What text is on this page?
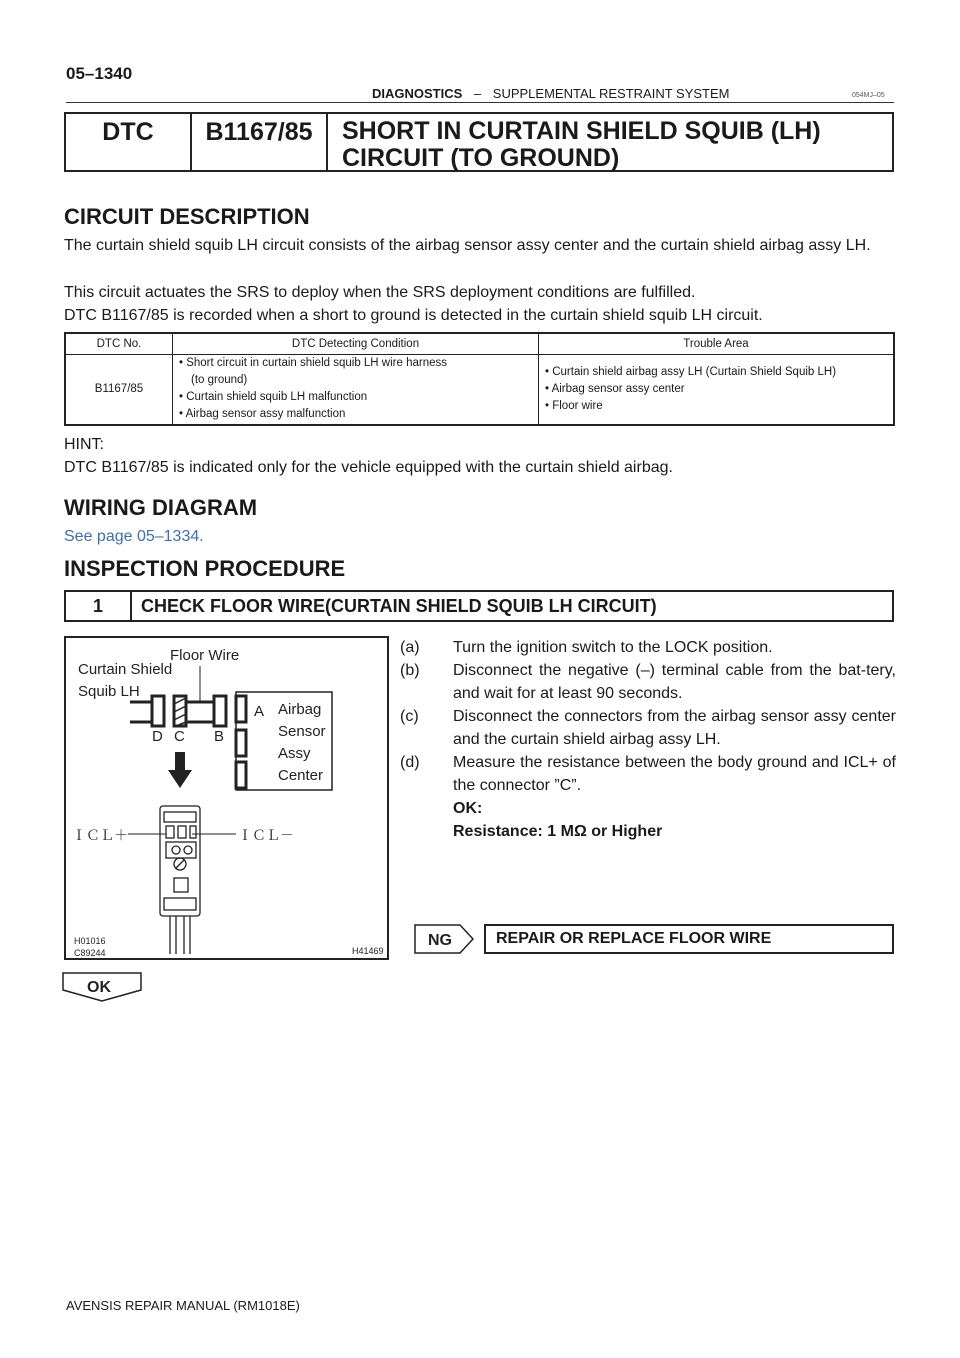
05–1340
DIAGNOSTICS – SUPPLEMENTAL RESTRAINT SYSTEM	054MJ–05
DTC	B1167/85	SHORT IN CURTAIN SHIELD SQUIB (LH)
CIRCUIT (TO GROUND)
CIRCUIT DESCRIPTION
The curtain shield squib LH circuit consists of the airbag sensor assy center and the curtain shield airbag assy LH.
This circuit actuates the SRS to deploy when the SRS deployment conditions are fulfilled.
DTC B1167/85 is recorded when a short to ground is detected in the curtain shield squib LH circuit.
DTC No.	DTC Detecting Condition	Trouble Area
B1167/85	• Short circuit in curtain shield squib LH wire harness
(to ground)
• Curtain shield squib LH malfunction
• Airbag sensor assy malfunction	• Curtain shield airbag assy LH (Curtain Shield Squib LH)
• Airbag sensor assy center
• Floor wire
HINT:
DTC B1167/85 is indicated only for the vehicle equipped with the curtain shield airbag.
WIRING DIAGRAM
See page 05–1334.
INSPECTION PROCEDURE
1	CHECK FLOOR WIRE(CURTAIN SHIELD SQUIB LH CIRCUIT)
Floor Wire
Curtain Shield
Squib LH
D C B
A Airbag
Sensor
Assy
Center
ＩＣＬ＋	ＩＣＬ－
H01016
C89244	H41469
(a)	Turn the ignition switch to the LOCK position.
(b)	Disconnect the negative (–) terminal cable from the bat-tery, and wait for at least 90 seconds.
(c)	Disconnect the connectors from the airbag sensor assy center and the curtain shield airbag assy LH.
(d)	Measure the resistance between the body ground and ICL+ of the connector ”C”.
OK:
Resistance: 1 MΩ or Higher
NG	REPAIR OR REPLACE FLOOR WIRE
OK
AVENSIS REPAIR MANUAL (RM1018E)
